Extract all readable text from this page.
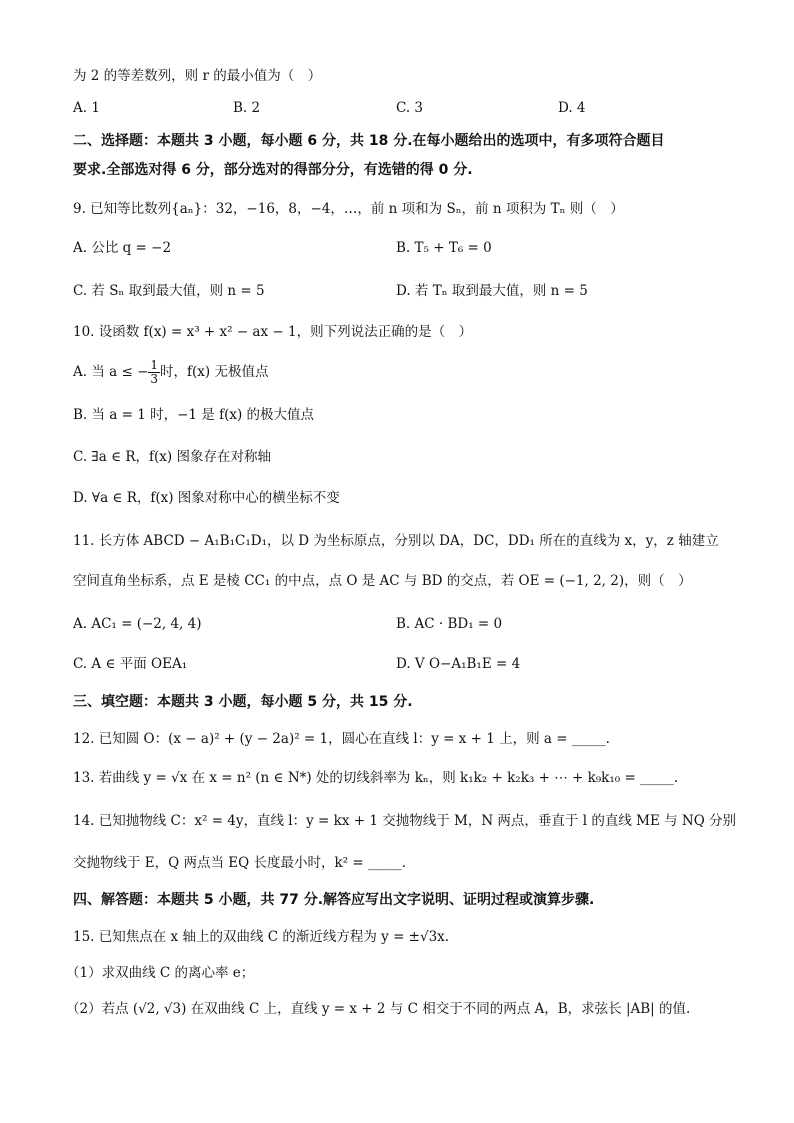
为 2 的等差数列，则 r 的最小值为（　）
A. 1	B. 2	C. 3	D. 4
二、选择题：本题共 3 小题，每小题 6 分，共 18 分.在每小题给出的选项中，有多项符合题目
要求.全部选对得 6 分，部分选对的得部分分，有选错的得 0 分.
9. 已知等比数列{aₙ}：32，−16，8，−4，…，前 n 项和为 Sₙ，前 n 项积为 Tₙ 则（　）
A. 公比 q = −2	B. T₅ + T₆ = 0
C. 若 Sₙ 取到最大值，则 n = 5	D. 若 Tₙ 取到最大值，则 n = 5
10. 设函数 f(x) = x³ + x² − ax − 1，则下列说法正确的是（　）
A. 当 a ≤ − $\frac{1}{3}$ 时，f(x) 无极值点
B. 当 a = 1 时，−1 是 f(x) 的极大值点
C. ∃a ∈ R，f(x) 图象存在对称轴
D. ∀a ∈ R，f(x) 图象对称中心的横坐标不变
11. 长方体 ABCD − A₁B₁C₁D₁，以 D 为坐标原点，分别以 DA，DC，DD₁ 所在的直线为 x，y，z 轴建立
空间直角坐标系，点 E 是棱 CC₁ 的中点，点 O 是 AC 与 BD 的交点，若 OE = (−1, 2, 2)，则（　）
A. AC₁ = (−2, 4, 4)	B. AC · BD₁ = 0
C. A ∈ 平面 OEA₁	D. V O−A₁B₁E = 4
三、填空题：本题共 3 小题，每小题 5 分，共 15 分.
12. 已知圆 O：(x − a)² + (y − 2a)² = 1，圆心在直线 l：y = x + 1 上，则 a = _____.
13. 若曲线 y = √x 在 x = n² (n ∈ N*) 处的切线斜率为 kₙ，则 k₁k₂ + k₂k₃ + ⋯ + k₉k₁₀ = _____.
14. 已知抛物线 C：x² = 4y，直线 l：y = kx + 1 交抛物线于 M，N 两点，垂直于 l 的直线 ME 与 NQ 分别
交抛物线于 E，Q 两点当 EQ 长度最小时，k² = _____.
四、解答题：本题共 5 小题，共 77 分.解答应写出文字说明、证明过程或演算步骤.
15. 已知焦点在 x 轴上的双曲线 C 的渐近线方程为 y = ±√3x.
（1）求双曲线 C 的离心率 e；
（2）若点 (√2, √3) 在双曲线 C 上，直线 y = x + 2 与 C 相交于不同的两点 A，B，求弦长 |AB| 的值.
